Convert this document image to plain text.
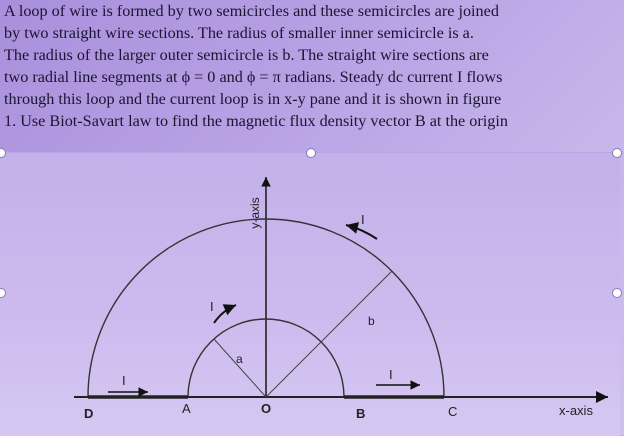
A loop of wire is formed by two semicircles and these semicircles are joined
by two straight wire sections. The radius of smaller inner semicircle is a.
The radius of the larger outer semicircle is b. The straight wire sections are
two radial line segments at ϕ = 0 and ϕ = π radians. Steady dc current I flows
through this loop and the current loop is in x-y pane and it is shown in figure
1. Use Biot-Savart law to find the magnetic flux density vector B at the origin
y-axis
x-axis
D	A	O	B	C
a
b
I
I
I	I
